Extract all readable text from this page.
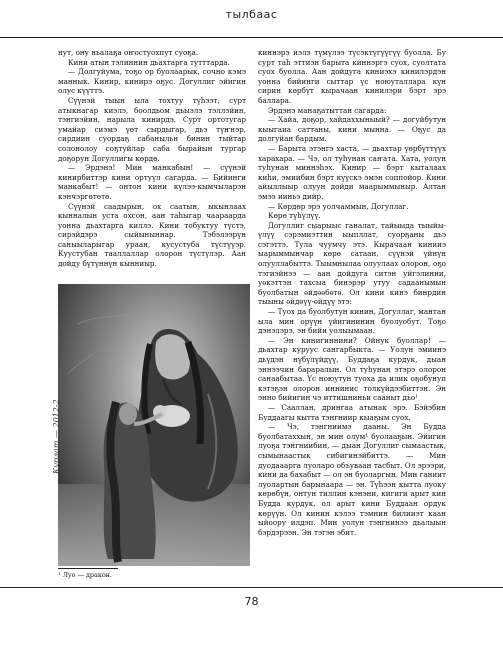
тылбаас

нут, ону ньалаҕа оҥостуохпут суоҕа.

Кини атын тэлиннин дьахтарга тутттарда.

— Долгуйума, тоҕо ор буолаарык, сочно кэмэ маннык. Кинир, кинирэ оҕус. Догуллиг эйигин олус күүттэ.

Сүүнэй тыын ыла тохтуу түһээт, сурт атыкнагар киэлэ, боолдьом дьыэлэ тэллэйин, тэнгиэйин, нарыла кинирдэ. Сурт ортотугар умайар сиэмэ үөт сырдыгар, дьэ түҥнэр, сирдиин суордаҕ сабаныльн бинин тыйтар солонолоу соҕтуйлар саба бырайын тургар доҕорун Догуллигы көрдө.

— Эрдэнэ! Мин манкабын! — сүүнэй кинирбиттэр кини ортуүл сагарда. — Бийинги манкабыт! — онтон кини күлээ-кымчыларэн кэнчэргөтөтө.

Сүүнэй саадырын, ох саатын, ыкынлаах кынналын уста охсон, аан таһыгар чаараарда уонна дьахтарга киллэ. Кини тобуктуу түстэ, сирэйдэрэ сыйыныннар. Тэбэлээрүн саныыларыгар ураан, кусустуба түстүүэр. Куустубан тааллаллар олорон түстүлэр. Аан дойду бүтүннүн кынниыр.

Курлат — 2012-2
¹ Луо — дракон.

киннэрэ иэлэ түмүлээ түсэктүгүүгүү буолла. Бу сурт таһ эттиэн барыта киннэргэ суох, суолтата суох буолла. Аан дойдуга киниэхэ кинилэрдэн уонна бийинги сыттар үс ноюуталлара күн сирин көрбүт кырачаан кинилэри бэрт эрэ баллара.

Эрдэнэ манаҕатыттан сагарда:

— Хайа, доҕор, хайдаххыныый? — догуйбутун кыыгаиа саттаны, кини мынна. — Оҕус да долгуйан бардым.

— Барыта этэнгэ хаста, — дьахтар үөрбүттүүх харахара. — Чэ, ол туһунан саҥата. Хата, уолун туһунан миннэһэх. Кинир — бэрт кыталаах киһи, эмиибин бэрт күүскэ эмэн соппойор. Кини айыллыыр олуун дойди маарыммыныр. Алтан эмээ ииньэ дийр.

— Көрдөр эрэ уолчаммын, Догуллаг.

Көрө түһүлүү.

Догуллиг сыарыыс ганалат, тайыыда тыыйы-үлүү сэрэмиэттин ыыпллат, суорҕаны дьэ сэгэттэ. Тула чуумчу этэ. Кырачаан кинииэ ыарыммынчар көрө сатаан, сүүнэй үйнүн олууллабыттэ. Тыымнылаа олуулаах олорон, оҕо тэгиэйнээ — аан дойдуга ситэн уйгэлинни, уѳкэттэн тахсыа бинэрэр утуу садаанымын буолбатын ѳйдѳѳбѳтѳ. Ол кини кинэ бинрдин тыыны ѳйдѳүү-ѳйдүү этэ:

— Туох да буолбутун кинин, Догуллаг, мантан ыла мин орүүн үйигининин буолуобут. Тоҕо дэнэлэрэ, эн бийи уолыымаан.

— Эн кинигиннини? Ойнук буоллар! — дьахтар куруус сангарбыкта. — Уолун эмиинэ дьүдэн нүбүлүйдүү, Буддаҕа курдук, дыан эннээчин бараралын. Ол туһунан этэрэ олорон санаабытаа. Үс ноюутун туоха да илик оҕобунуп кэтэҕэн олорон иннинис толкүйдээбиттэн. Эн энно бийигин чэ иттишниньи сааныт дьо¹

— Сааллан, дрингаа атынак эрэ. Бэйэбин Буддаагы кытта тэнгниир кыаҕым суох.

— Чэ, тэнгниимэ дааны. Эн Будда буолбатаххын, эн мин олум¹ буолааҕын. Эйигин луоҕа тэнгниибин, — дыан Догуллиг сымаастык, сымынаастык сибигинэйбиттэ. — Мин дуодааарга луоларо объуваан тасбыт. Ол эрээри, кини да бахабыт — ол эн буоларгын. Мин ганиит луолартын барынаара — эн. Түһээн кытта луоку көрөбүн, онтун тиллин кэнэни, кигиги арыт кин Будда курдук, ол арыт кини Буддаан ордук көрүүн. Ол кинин кэлээ тэмнин билииэт каан ыйоору илдэп. Мин уолун тэнгнинээ дьалыын бэрдэрээн. Эн тэгэн эбит.

78
